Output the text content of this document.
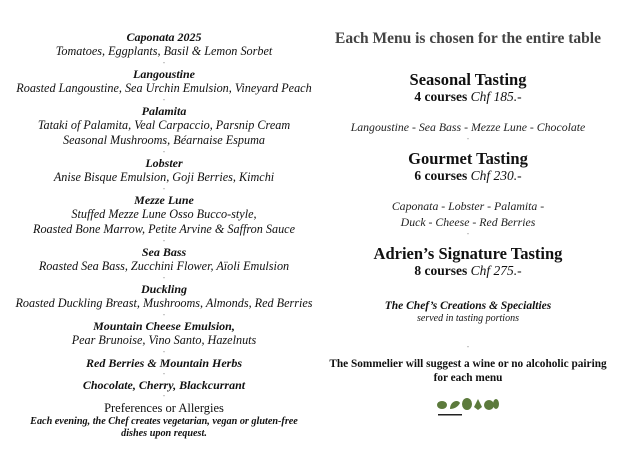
Caponata 2025
Tomatoes, Eggplants, Basil & Lemon Sorbet
-
Langoustine
Roasted Langoustine, Sea Urchin Emulsion, Vineyard Peach
-
Palamita
Tataki of Palamita, Veal Carpaccio, Parsnip Cream
Seasonal Mushrooms, Béarnaise Espuma
-
Lobster
Anise Bisque Emulsion, Goji Berries, Kimchi
-
Mezze Lune
Stuffed Mezze Lune Osso Bucco-style,
Roasted Bone Marrow, Petite Arvine & Saffron Sauce
-
Sea Bass
Roasted Sea Bass, Zucchini Flower, Aïoli Emulsion
-
Duckling
Roasted Duckling Breast, Mushrooms, Almonds, Red Berries
-
Mountain Cheese Emulsion,
Pear Brunoise, Vino Santo, Hazelnuts
-
Red Berries & Mountain Herbs
-
Chocolate, Cherry, Blackcurrant
-
Preferences or Allergies
Each evening, the Chef creates vegetarian, vegan or gluten-free
dishes upon request.
Each Menu is chosen for the entire table
Seasonal Tasting
4 courses Chf 185.-
Langoustine - Sea Bass - Mezze Lune - Chocolate
-
Gourmet Tasting
6 courses Chf 230.-
Caponata - Lobster - Palamita -
Duck - Cheese - Red Berries
-
Adrien’s Signature Tasting
8 courses Chf 275.-
The Chef’s Creations & Specialties
served in tasting portions
-
The Sommelier will suggest a wine or no alcoholic pairing
for each menu
